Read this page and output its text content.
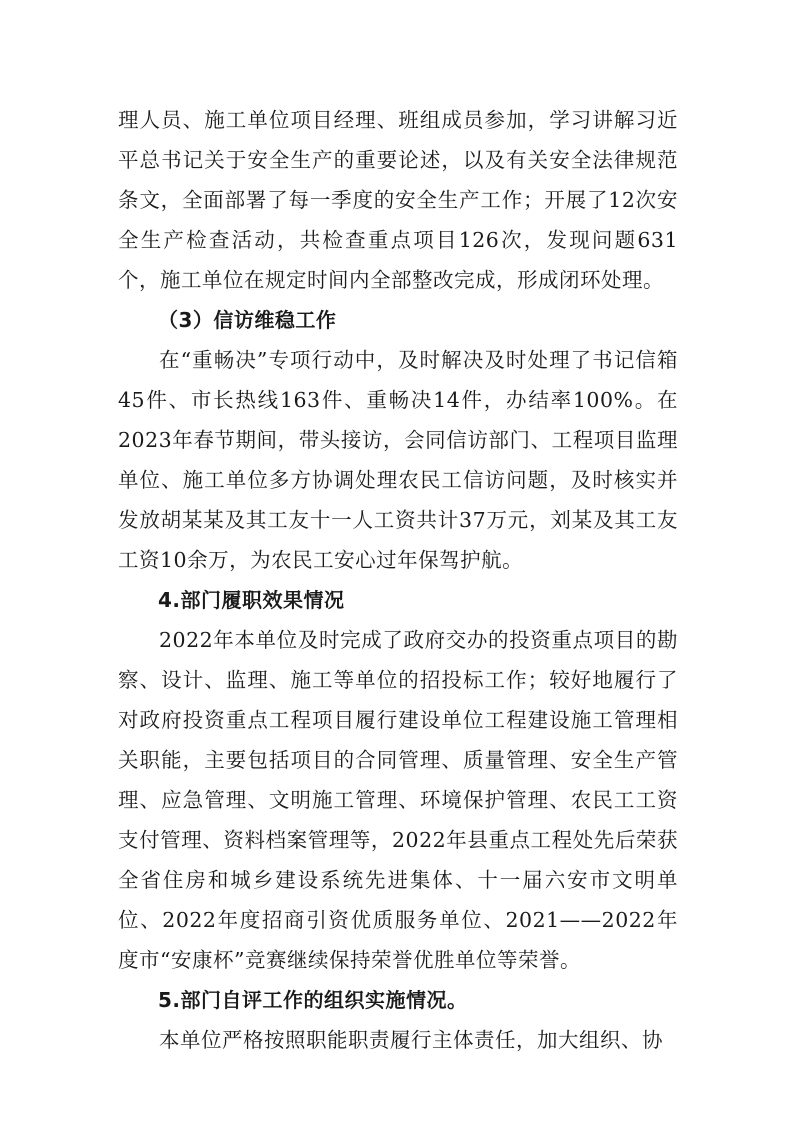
理人员、施工单位项目经理、班组成员参加，学习讲解习近平总书记关于安全生产的重要论述，以及有关安全法律规范条文，全面部署了每一季度的安全生产工作；开展了12次安全生产检查活动，共检查重点项目126次，发现问题631个，施工单位在规定时间内全部整改完成，形成闭环处理。

（3）信访维稳工作

在“重畅决”专项行动中，及时解决及时处理了书记信箱45件、市长热线163件、重畅决14件，办结率100%。在2023年春节期间，带头接访，会同信访部门、工程项目监理单位、施工单位多方协调处理农民工信访问题，及时核实并发放胡某某及其工友十一人工资共计37万元，刘某及其工友工资10余万，为农民工安心过年保驾护航。

4.部门履职效果情况

2022年本单位及时完成了政府交办的投资重点项目的勘察、设计、监理、施工等单位的招投标工作；较好地履行了对政府投资重点工程项目履行建设单位工程建设施工管理相关职能，主要包括项目的合同管理、质量管理、安全生产管理、应急管理、文明施工管理、环境保护管理、农民工工资支付管理、资料档案管理等，2022年县重点工程处先后荣获全省住房和城乡建设系统先进集体、十一届六安市文明单位、2022年度招商引资优质服务单位、2021——2022年度市“安康杯”竞赛继续保持荣誉优胜单位等荣誉。

5.部门自评工作的组织实施情况。

本单位严格按照职能职责履行主体责任，加大组织、协
